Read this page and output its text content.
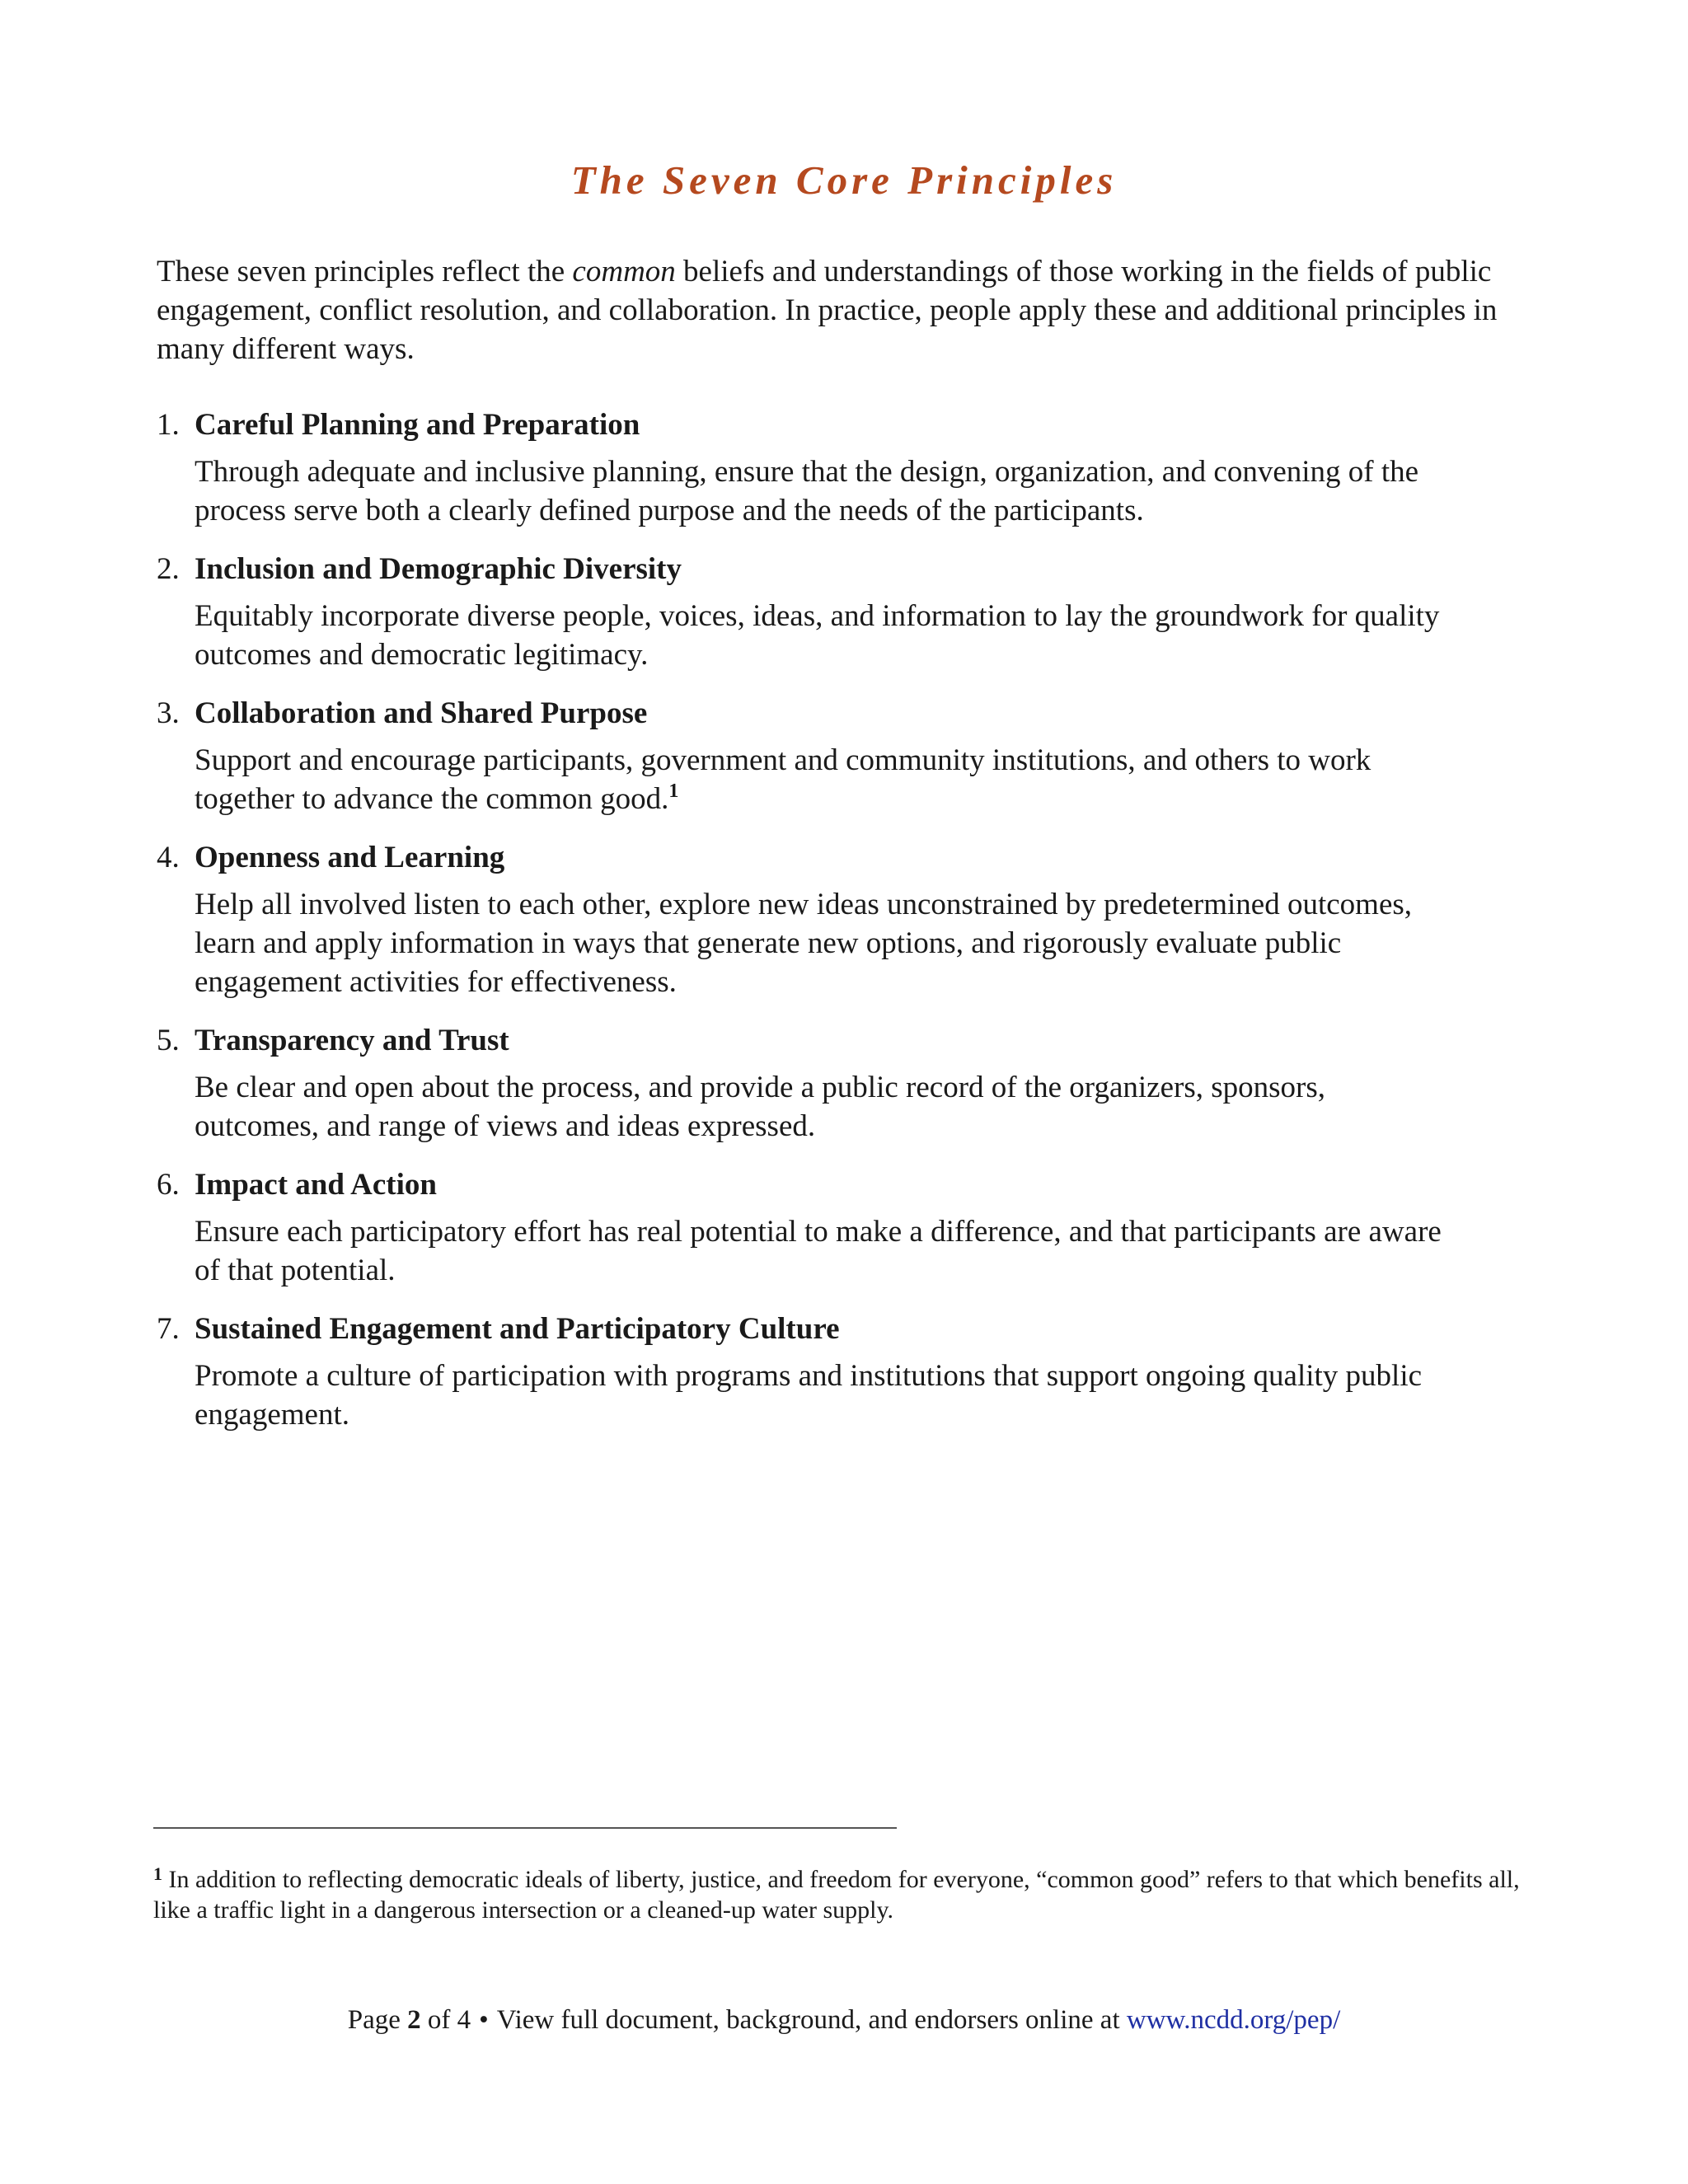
The Seven Core Principles

These seven principles reflect the common beliefs and understandings of those working in the fields of public engagement, conflict resolution, and collaboration. In practice, people apply these and additional principles in many different ways.

1. Careful Planning and Preparation

Through adequate and inclusive planning, ensure that the design, organization, and convening of the process serve both a clearly defined purpose and the needs of the participants.

2. Inclusion and Demographic Diversity

Equitably incorporate diverse people, voices, ideas, and information to lay the groundwork for quality outcomes and democratic legitimacy.

3. Collaboration and Shared Purpose

Support and encourage participants, government and community institutions, and others to work together to advance the common good.$^1$

4. Openness and Learning

Help all involved listen to each other, explore new ideas unconstrained by predetermined outcomes, learn and apply information in ways that generate new options, and rigorously evaluate public engagement activities for effectiveness.

5. Transparency and Trust

Be clear and open about the process, and provide a public record of the organizers, sponsors, outcomes, and range of views and ideas expressed.

6. Impact and Action

Ensure each participatory effort has real potential to make a difference, and that participants are aware of that potential.

7. Sustained Engagement and Participatory Culture

Promote a culture of participation with programs and institutions that support ongoing quality public engagement.

$^1$ In addition to reflecting democratic ideals of liberty, justice, and freedom for everyone, “common good” refers to that which benefits all, like a traffic light in a dangerous intersection or a cleaned-up water supply.

Page 2 of 4 • View full document, background, and endorsers online at www.ncdd.org/pep/
